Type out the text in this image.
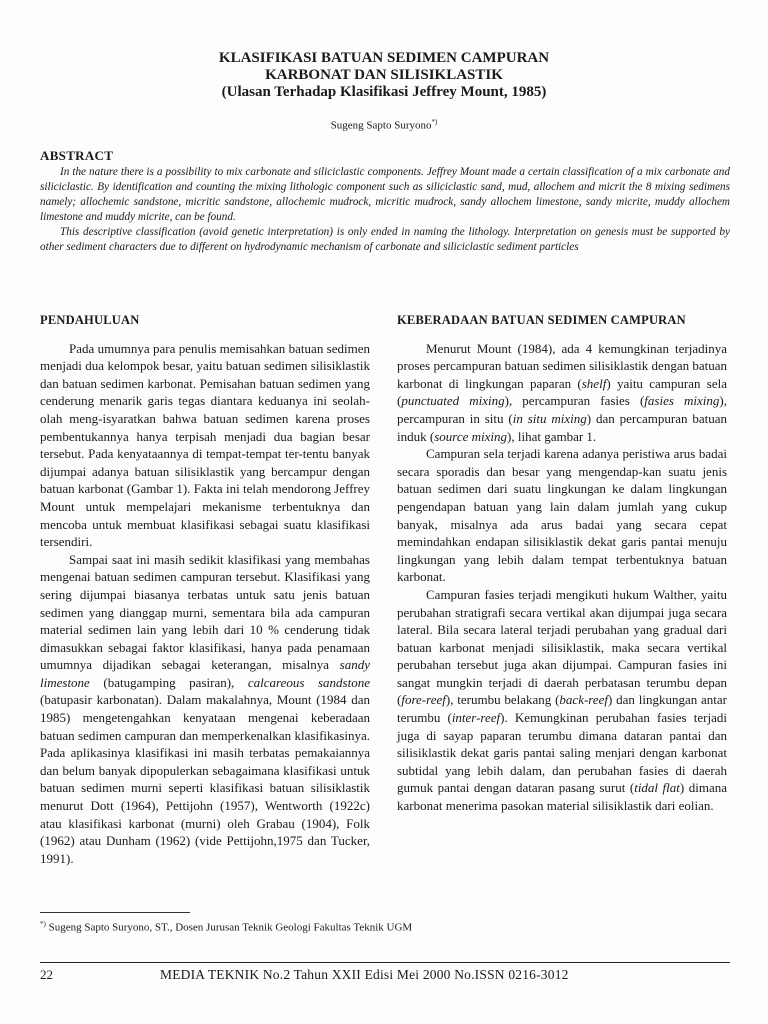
KLASIFIKASI BATUAN SEDIMEN CAMPURAN
KARBONAT DAN SILISIKLASTIK
(Ulasan Terhadap Klasifikasi Jeffrey Mount, 1985)
Sugeng Sapto Suryono*)
ABSTRACT

In the nature there is a possibility to mix carbonate and siliciclastic components. Jeffrey Mount made a certain classification of a mix carbonate and siliciclastic. By identification and counting the mixing lithologic component such as siliciclastic sand, mud, allochem and micrit the 8 mixing sedimens namely; allochemic sandstone, micritic sandstone, allochemic mudrock, micritic mudrock, sandy allochem limestone, sandy micrite, muddy allochem limestone and muddy micrite, can be found.

This descriptive classification (avoid genetic interpretation) is only ended in naming the lithology. Interpretation on genesis must be supported by other sediment characters due to different on hydrodynamic mechanism of carbonate and siliciclastic sediment particles

PENDAHULUAN

Pada umumnya para penulis memisahkan batuan sedimen menjadi dua kelompok besar, yaitu batuan sedimen silisiklastik dan batuan sedimen karbonat. Pemisahan batuan sedimen yang cenderung menarik garis tegas diantara keduanya ini seolah-olah meng-isyaratkan bahwa batuan sedimen karena proses pembentukannya hanya terpisah menjadi dua bagian besar tersebut. Pada kenyataannya di tempat-tempat ter-tentu banyak dijumpai adanya batuan silisiklastik yang bercampur dengan batuan karbonat (Gambar 1). Fakta ini telah mendorong Jeffrey Mount untuk mempelajari mekanisme terbentuknya dan mencoba untuk membuat klasifikasi sebagai suatu klasifikasi tersendiri.

Sampai saat ini masih sedikit klasifikasi yang membahas mengenai batuan sedimen campuran tersebut. Klasifikasi yang sering dijumpai biasanya terbatas untuk satu jenis batuan sedimen yang dianggap murni, sementara bila ada campuran material sedimen lain yang lebih dari 10 % cenderung tidak dimasukkan sebagai faktor klasifikasi, hanya pada penamaan umumnya dijadikan sebagai keterangan, misalnya sandy limestone (batugamping pasiran), calcareous sandstone (batupasir karbonatan). Dalam makalahnya, Mount (1984 dan 1985) mengetengahkan kenyataan mengenai keberadaan batuan sedimen campuran dan memperkenalkan klasifikasinya. Pada aplikasinya klasifikasi ini masih terbatas pemakaiannya dan belum banyak dipopulerkan sebagaimana klasifikasi untuk batuan sedimen murni seperti klasifikasi batuan silisiklastik menurut Dott (1964), Pettijohn (1957), Wentworth (1922c) atau klasifikasi karbonat (murni) oleh Grabau (1904), Folk (1962) atau Dunham (1962) (vide Pettijohn,1975 dan Tucker, 1991).

KEBERADAAN BATUAN SEDIMEN CAMPURAN

Menurut Mount (1984), ada 4 kemungkinan terjadinya proses percampuran batuan sedimen silisiklastik dengan batuan karbonat di lingkungan paparan (shelf) yaitu campuran sela (punctuated mixing), percampuran fasies (fasies mixing), percampuran in situ (in situ mixing) dan percampuran batuan induk (source mixing), lihat gambar 1.

Campuran sela terjadi karena adanya peristiwa arus badai secara sporadis dan besar yang mengendap-kan suatu jenis batuan sedimen dari suatu lingkungan ke dalam lingkungan pengendapan batuan yang lain dalam jumlah yang cukup banyak, misalnya ada arus badai yang secara cepat memindahkan endapan silisiklastik dekat garis pantai menuju lingkungan yang lebih dalam tempat terbentuknya batuan karbonat.

Campuran fasies terjadi mengikuti hukum Walther, yaitu perubahan stratigrafi secara vertikal akan dijumpai juga secara lateral. Bila secara lateral terjadi perubahan yang gradual dari batuan karbonat menjadi silisiklastik, maka secara vertikal perubahan tersebut juga akan dijumpai. Campuran fasies ini sangat mungkin terjadi di daerah perbatasan terumbu depan (fore-reef), terumbu belakang (back-reef) dan lingkungan antar terumbu (inter-reef). Kemungkinan perubahan fasies terjadi juga di sayap paparan terumbu dimana dataran pantai dan silisiklastik dekat garis pantai saling menjari dengan karbonat subtidal yang lebih dalam, dan perubahan fasies di daerah gumuk pantai dengan dataran pasang surut (tidal flat) dimana karbonat menerima pasokan material silisiklastik dari eolian.

*) Sugeng Sapto Suryono, ST., Dosen Jurusan Teknik Geologi Fakultas Teknik UGM
22	MEDIA TEKNIK No.2 Tahun XXII Edisi Mei 2000 No.ISSN 0216-3012
